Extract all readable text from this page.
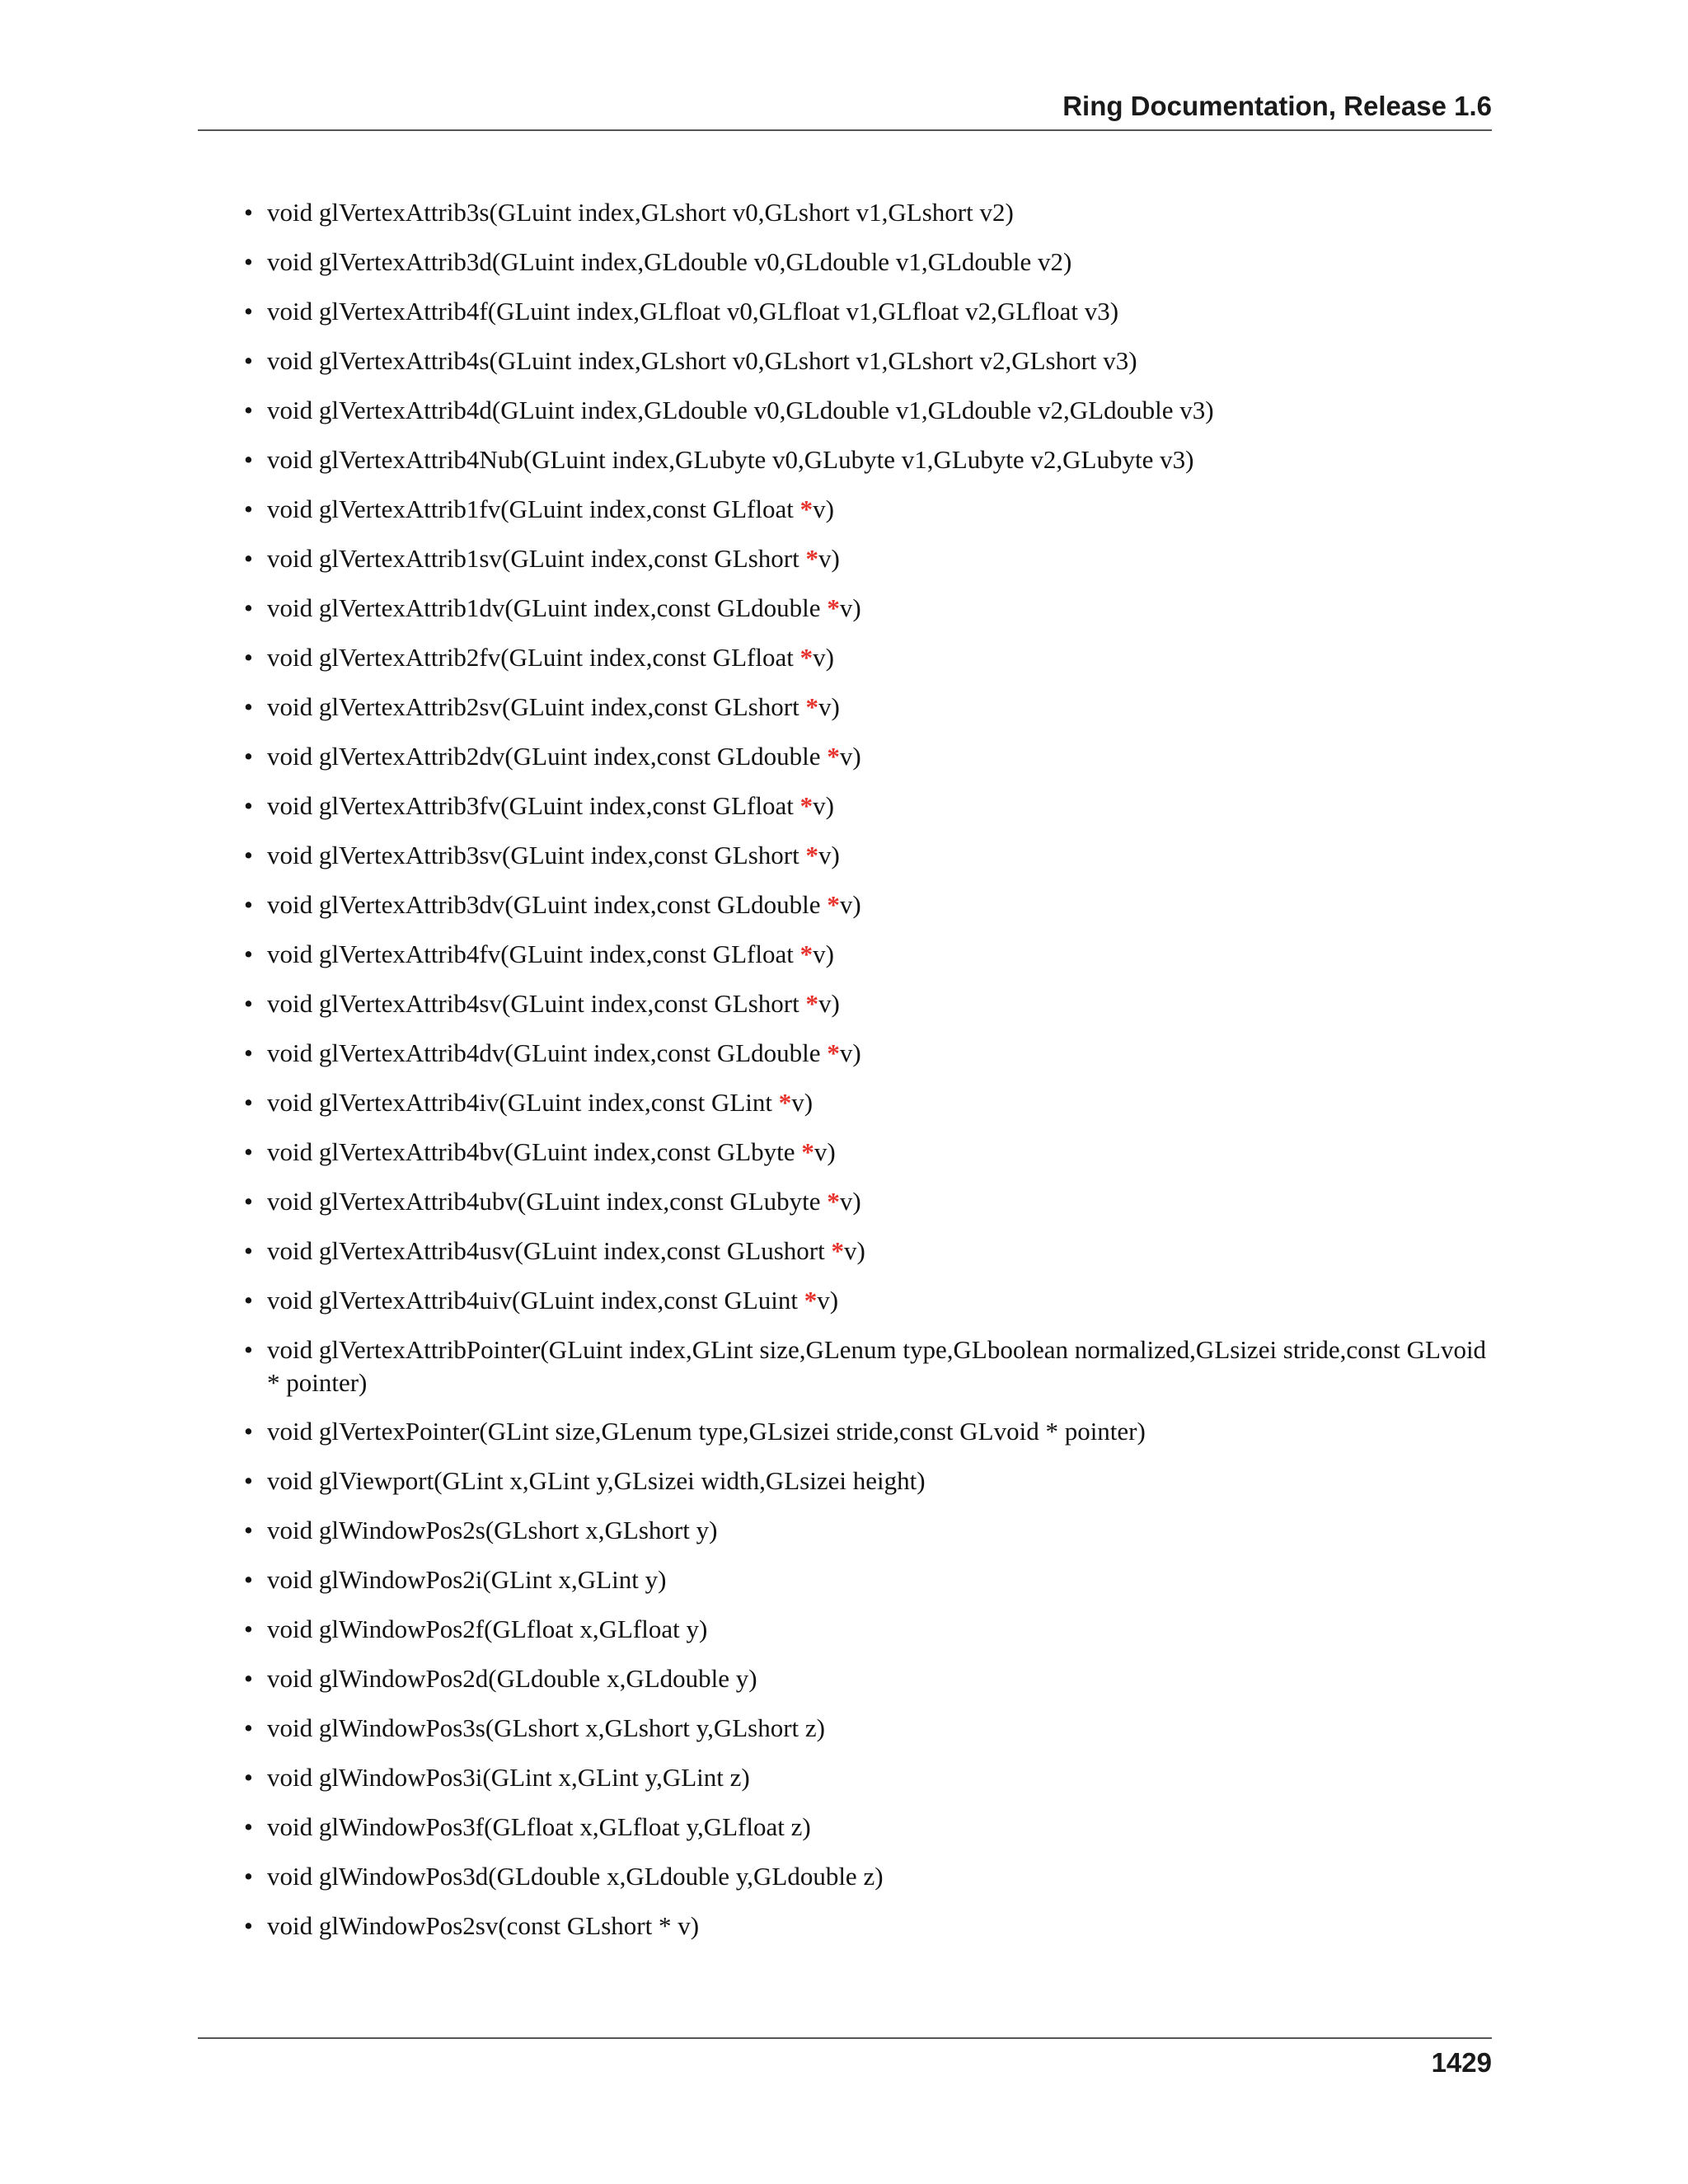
Ring Documentation, Release 1.6
• void glVertexAttrib3s(GLuint index,GLshort v0,GLshort v1,GLshort v2)
• void glVertexAttrib3d(GLuint index,GLdouble v0,GLdouble v1,GLdouble v2)
• void glVertexAttrib4f(GLuint index,GLfloat v0,GLfloat v1,GLfloat v2,GLfloat v3)
• void glVertexAttrib4s(GLuint index,GLshort v0,GLshort v1,GLshort v2,GLshort v3)
• void glVertexAttrib4d(GLuint index,GLdouble v0,GLdouble v1,GLdouble v2,GLdouble v3)
• void glVertexAttrib4Nub(GLuint index,GLubyte v0,GLubyte v1,GLubyte v2,GLubyte v3)
• void glVertexAttrib1fv(GLuint index,const GLfloat *v)
• void glVertexAttrib1sv(GLuint index,const GLshort *v)
• void glVertexAttrib1dv(GLuint index,const GLdouble *v)
• void glVertexAttrib2fv(GLuint index,const GLfloat *v)
• void glVertexAttrib2sv(GLuint index,const GLshort *v)
• void glVertexAttrib2dv(GLuint index,const GLdouble *v)
• void glVertexAttrib3fv(GLuint index,const GLfloat *v)
• void glVertexAttrib3sv(GLuint index,const GLshort *v)
• void glVertexAttrib3dv(GLuint index,const GLdouble *v)
• void glVertexAttrib4fv(GLuint index,const GLfloat *v)
• void glVertexAttrib4sv(GLuint index,const GLshort *v)
• void glVertexAttrib4dv(GLuint index,const GLdouble *v)
• void glVertexAttrib4iv(GLuint index,const GLint *v)
• void glVertexAttrib4bv(GLuint index,const GLbyte *v)
• void glVertexAttrib4ubv(GLuint index,const GLubyte *v)
• void glVertexAttrib4usv(GLuint index,const GLushort *v)
• void glVertexAttrib4uiv(GLuint index,const GLuint *v)
• void glVertexAttribPointer(GLuint index,GLint size,GLenum type,GLboolean normalized,GLsizei stride,const GLvoid * pointer)
• void glVertexPointer(GLint size,GLenum type,GLsizei stride,const GLvoid * pointer)
• void glViewport(GLint x,GLint y,GLsizei width,GLsizei height)
• void glWindowPos2s(GLshort x,GLshort y)
• void glWindowPos2i(GLint x,GLint y)
• void glWindowPos2f(GLfloat x,GLfloat y)
• void glWindowPos2d(GLdouble x,GLdouble y)
• void glWindowPos3s(GLshort x,GLshort y,GLshort z)
• void glWindowPos3i(GLint x,GLint y,GLint z)
• void glWindowPos3f(GLfloat x,GLfloat y,GLfloat z)
• void glWindowPos3d(GLdouble x,GLdouble y,GLdouble z)
• void glWindowPos2sv(const GLshort * v)
1429
